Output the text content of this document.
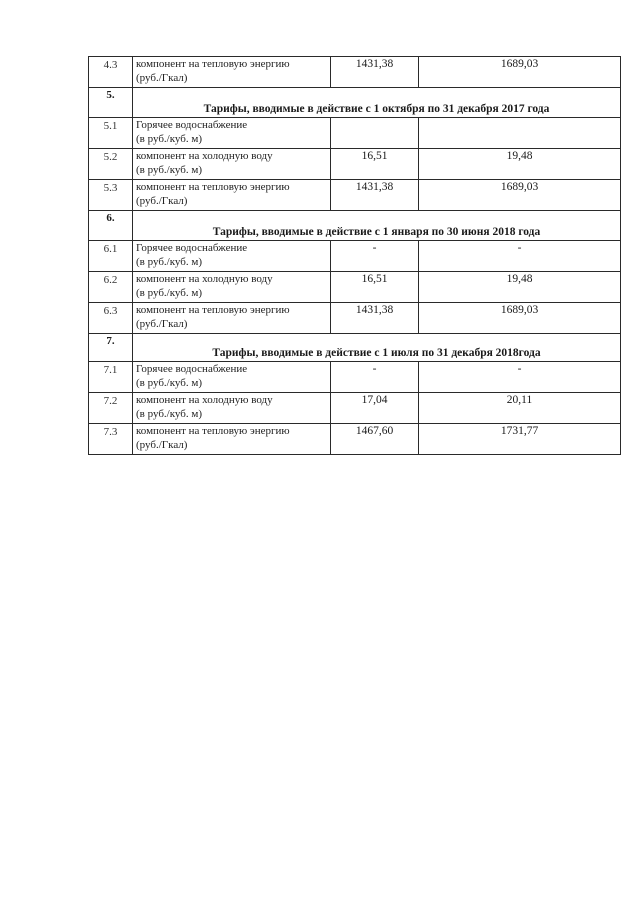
4.3	компонент на тепловую энергию
(руб./Гкал)	1431,38	1689,03
5.	Тарифы, вводимые в действие с 1 октября по 31 декабря 2017 года		
5.1	Горячее водоснабжение
(в руб./куб. м)		

5.2	компонент на холодную воду
(в руб./куб. м)	16,51	19,48
5.3	компонент на тепловую энергию
(руб./Гкал)	1431,38	1689,03
6.	Тарифы, вводимые в действие с 1 января по 30 июня 2018 года		
6.1	Горячее водоснабжение
(в руб./куб. м)	-	-
6.2	компонент на холодную воду
(в руб./куб. м)	16,51	19,48
6.3	компонент на тепловую энергию
(руб./Гкал)	1431,38	1689,03
7.	Тарифы, вводимые в действие с 1 июля по 31 декабря 2018года		
7.1	Горячее водоснабжение
(в руб./куб. м)	-	-
7.2	компонент на холодную воду
(в руб./куб. м)	17,04	20,11
7.3	компонент на тепловую энергию
(руб./Гкал)	1467,60	1731,77
